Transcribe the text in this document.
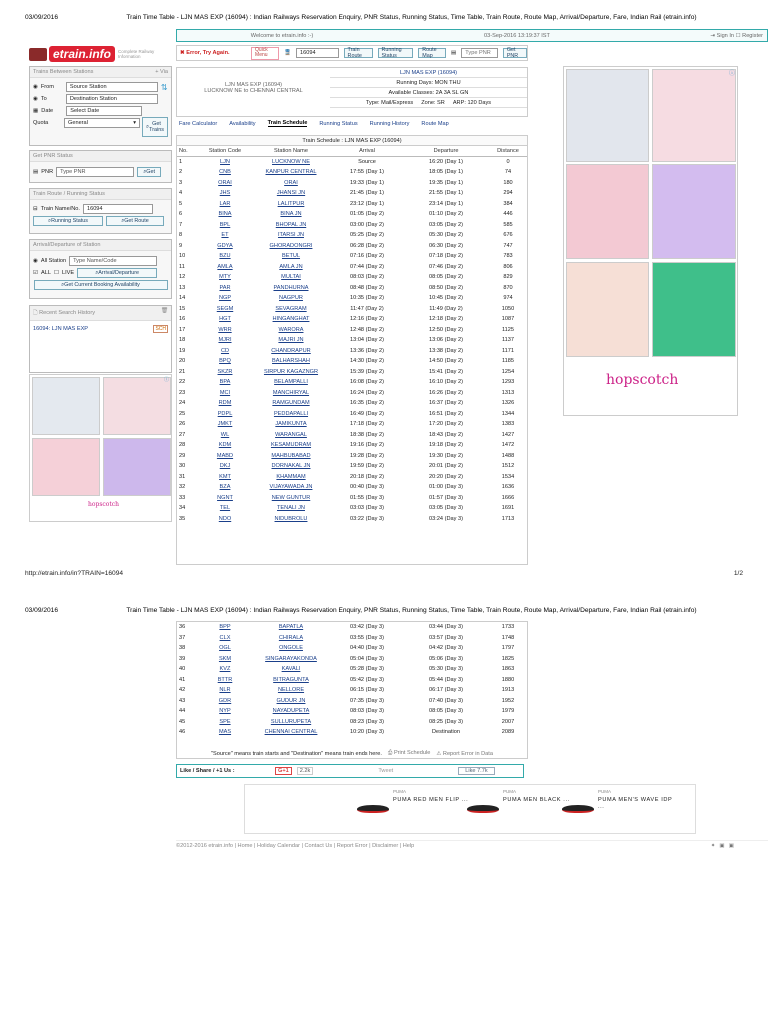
03/09/2016	Train Time Table - LJN MAS EXP (16094) : Indian Railways Reservation Enquiry, PNR Status, Running Status, Time Table, Train Route, Route Map, Arrival/Departure, Fare, Indian Rail (etrain.info)
Welcome to etrain.info :-)	03-Sep-2016 13:19:37 IST	⇥ Sign In ☐ Register
etrain.info	Complete Railway Information
✖ Error, Try Again.
Quick Menu	🚆	16094	Train Route
Running Status
Route Map	▤	Type PNR	Get PNR
Trains Between Stations	+ Via
◉ From	Source Station	⇅
◉ To	Destination Station
▦ Date	Select Date
⌕ Get Trains
Quota	General	▾
Get PNR Status
▤ PNR	Type PNR	⌕ Get
Train Route / Running Status
⊟ Train Name/No.	16094
⌕ Running Status	⌕ Get Route
Arrival/Departure of Station
◉ All Station	Type Name/Code
☑ ALL ☐ LIVE	⌕ Arrival/Departure
⌕ Get Current Booking Availability
🗋 Recent Search History	🗑
16094: LJN MAS EXP	SCH
hopscotch
ⓘ
LJN MAS EXP (16094)
LUCKNOW NE to CHENNAI CENTRAL
LJN MAS EXP (16094)
Running Days: MON THU
Available Classes: 2A 3A SL GN
Type: Mail/Express Zone: SR ARP: 120 Days
Fare Calculator Availability Train Schedule Running Status Running History Route Map
Train Schedule : LJN MAS EXP (16094)
No.	Station Code	Station Name	Arrival	Departure	Distance
1	LJN	LUCKNOW NE	Source	16:20 (Day 1)	0
2	CNB	KANPUR CENTRAL	17:55 (Day 1)	18:05 (Day 1)	74
3	ORAI	ORAI	19:33 (Day 1)	19:35 (Day 1)	180
4	JHS	JHANSI JN	21:45 (Day 1)	21:55 (Day 1)	294
5	LAR	LALITPUR	23:12 (Day 1)	23:14 (Day 1)	384
6	BINA	BINA JN	01:05 (Day 2)	01:10 (Day 2)	446
7	BPL	BHOPAL JN	03:00 (Day 2)	03:05 (Day 2)	585
8	ET	ITARSI JN	05:25 (Day 2)	05:30 (Day 2)	676
9	GDYA	GHORADONGRI	06:28 (Day 2)	06:30 (Day 2)	747
10	BZU	BETUL	07:16 (Day 2)	07:18 (Day 2)	783
11	AMLA	AMLA JN	07:44 (Day 2)	07:46 (Day 2)	806
12	MTY	MULTAI	08:03 (Day 2)	08:05 (Day 2)	829
13	PAR	PANDHURNA	08:48 (Day 2)	08:50 (Day 2)	870
14	NGP	NAGPUR	10:35 (Day 2)	10:45 (Day 2)	974
15	SEGM	SEVAGRAM	11:47 (Day 2)	11:49 (Day 2)	1050
16	HGT	HINGANGHAT	12:16 (Day 2)	12:18 (Day 2)	1087
17	WRR	WARORA	12:48 (Day 2)	12:50 (Day 2)	1125
18	MJRI	MAJRI JN	13:04 (Day 2)	13:06 (Day 2)	1137
19	CD	CHANDRAPUR	13:36 (Day 2)	13:38 (Day 2)	1171
20	BPQ	BALHARSHAH	14:30 (Day 2)	14:50 (Day 2)	1185
21	SKZR	SIRPUR KAGAZNGR	15:39 (Day 2)	15:41 (Day 2)	1254
22	BPA	BELAMPALLI	16:08 (Day 2)	16:10 (Day 2)	1293
23	MCI	MANCHIRYAL	16:24 (Day 2)	16:26 (Day 2)	1313
24	RDM	RAMGUNDAM	16:35 (Day 2)	16:37 (Day 2)	1326
25	PDPL	PEDDAPALLI	16:49 (Day 2)	16:51 (Day 2)	1344
26	JMKT	JAMIKUNTA	17:18 (Day 2)	17:20 (Day 2)	1383
27	WL	WARANGAL	18:38 (Day 2)	18:43 (Day 2)	1427
28	KDM	KESAMUDRAM	19:16 (Day 2)	19:18 (Day 2)	1472
29	MABD	MAHBUBABAD	19:28 (Day 2)	19:30 (Day 2)	1488
30	DKJ	DORNAKAL JN	19:59 (Day 2)	20:01 (Day 2)	1512
31	KMT	KHAMMAM	20:18 (Day 2)	20:20 (Day 2)	1534
32	BZA	VIJAYAWADA JN	00:40 (Day 3)	01:00 (Day 3)	1636
33	NGNT	NEW GUNTUR	01:55 (Day 3)	01:57 (Day 3)	1666
34	TEL	TENALI JN	03:03 (Day 3)	03:05 (Day 3)	1691
35	NDO	NIDUBROLU	03:22 (Day 3)	03:24 (Day 3)	1713
hopscotch
ⓘ
http://etrain.info/in?TRAIN=16094	1/2
03/09/2016	Train Time Table - LJN MAS EXP (16094) : Indian Railways Reservation Enquiry, PNR Status, Running Status, Time Table, Train Route, Route Map, Arrival/Departure, Fare, Indian Rail (etrain.info)
36	BPP	BAPATLA	03:42 (Day 3)	03:44 (Day 3)	1733
37	CLX	CHIRALA	03:55 (Day 3)	03:57 (Day 3)	1748
38	OGL	ONGOLE	04:40 (Day 3)	04:42 (Day 3)	1797
39	SKM	SINGARAYAKONDA	05:04 (Day 3)	05:06 (Day 3)	1825
40	KVZ	KAVALI	05:28 (Day 3)	05:30 (Day 3)	1863
41	BTTR	BITRAGUNTA	05:42 (Day 3)	05:44 (Day 3)	1880
42	NLR	NELLORE	06:15 (Day 3)	06:17 (Day 3)	1913
43	GDR	GUDUR JN	07:35 (Day 3)	07:40 (Day 3)	1952
44	NYP	NAYADUPETA	08:03 (Day 3)	08:05 (Day 3)	1979
45	SPE	SULLURUPETA	08:23 (Day 3)	08:25 (Day 3)	2007
46	MAS	CHENNAI CENTRAL	10:20 (Day 3)	Destination	2089
"Source" means train starts and "Destination" means train ends here. ⎙ Print Schedule ⚠ Report Error in Data
Like / Share / +1 Us :	G+1	2.2k	Tweet	Like 7.7k
PUMA
PUMA RED MEN FLIP ...
PUMA
PUMA MEN BLACK ...
PUMA
PUMA MEN'S WAVE IDP ...
©2012-2016 etrain.info | Home | Holiday Calendar | Contact Us | Report Error | Disclaimer | Help	✦▣▣
